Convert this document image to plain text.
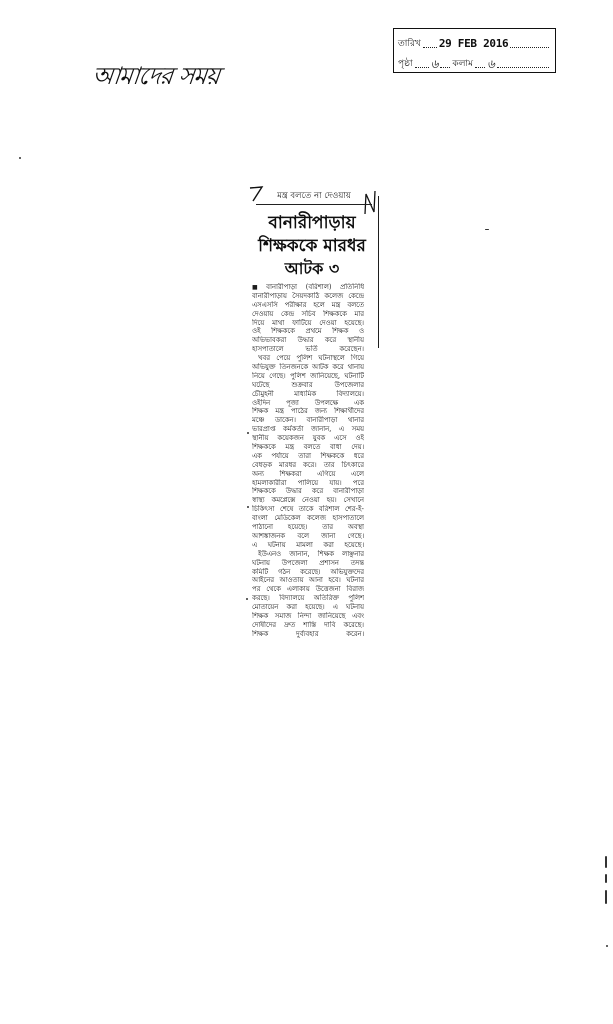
আমাদের সময়
তারিখ 29 FEB 2016
পৃষ্ঠা ৬ কলাম ৬
মন্ত্র বলতে না দেওয়ায়
বানারীপাড়ায়
শিক্ষককে মারধর
আটক ৩
■ বানারীপাড়া (বরিশাল) প্রতিনিধি
বানারীপাড়ায় সৈয়দকাঠি কলেজ কেন্দ্রে
এসএসসি পরীক্ষার হলে মন্ত্র বলতে
দেওয়ায় কেন্দ্র সচিব শিক্ষককে মার
দিয়ে মাথা ফাটিয়ে দেওয়া হয়েছে।
ওই শিক্ষককে প্রথমে শিক্ষক ও
অভিভাবকরা উদ্ধার করে স্থানীয়
হাসপাতালে ভর্তি করেছেন।
খবর পেয়ে পুলিশ ঘটনাস্থলে গিয়ে
অভিযুক্ত তিনজনকে আটক করে থানায়
নিয়ে গেছে। পুলিশ জানিয়েছে, ঘটনাটি
ঘটেছে শুক্রবার উপজেলার
চৌমুহনী মাধ্যমিক বিদ্যালয়ে।
ওইদিন পূজা উপলক্ষে এক
শিক্ষক মন্ত্র পাঠের জন্য শিক্ষার্থীদের
মঞ্চে ডাকেন। বানারীপাড়া থানার
ভারপ্রাপ্ত কর্মকর্তা জানান, এ সময়
স্থানীয় কয়েকজন যুবক এসে ওই
শিক্ষককে মন্ত্র বলতে বাধা দেয়।
এক পর্যায়ে তারা শিক্ষককে ধরে
বেধড়ক মারধর করে। তার চিৎকারে
অন্য শিক্ষকরা এগিয়ে এলে
হামলাকারীরা পালিয়ে যায়। পরে
শিক্ষককে উদ্ধার করে বানারীপাড়া
স্বাস্থ্য কমপ্লেক্সে নেওয়া হয়। সেখানে
চিকিৎসা শেষে তাকে বরিশাল শের-ই-
বাংলা মেডিকেল কলেজ হাসপাতালে
পাঠানো হয়েছে। তার অবস্থা
আশঙ্কাজনক বলে জানা গেছে।
এ ঘটনায় মামলা করা হয়েছে।
ইউএনও জানান, শিক্ষক লাঞ্ছনার
ঘটনায় উপজেলা প্রশাসন তদন্ত
কমিটি গঠন করেছে। অভিযুক্তদের
আইনের আওতায় আনা হবে। ঘটনার
পর থেকে এলাকায় উত্তেজনা বিরাজ
করছে। বিদ্যালয়ে অতিরিক্ত পুলিশ
মোতায়েন করা হয়েছে। এ ঘটনায়
শিক্ষক সমাজ নিন্দা জানিয়েছে এবং
দোষীদের দ্রুত শাস্তি দাবি করেছে।
শিক্ষক দুর্ব্যবহার করেন।
